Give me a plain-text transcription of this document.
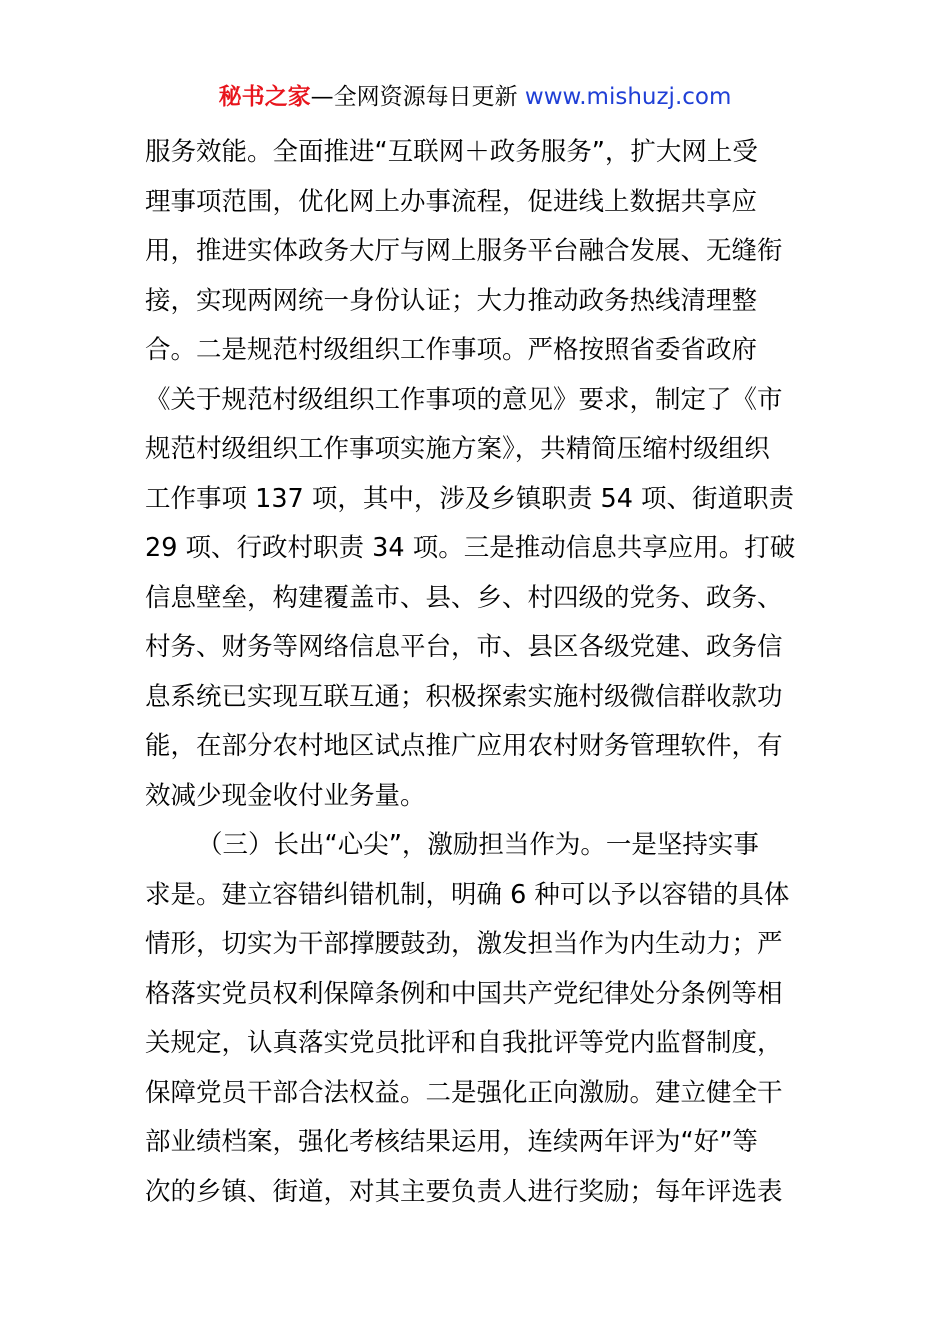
秘书之家—全网资源每日更新 www.mishuzj.com
服务效能。全面推进“互联网＋政务服务”，扩大网上受
理事项范围，优化网上办事流程，促进线上数据共享应
用，推进实体政务大厅与网上服务平台融合发展、无缝衔
接，实现两网统一身份认证；大力推动政务热线清理整
合。二是规范村级组织工作事项。严格按照省委省政府
《关于规范村级组织工作事项的意见》要求，制定了《市
规范村级组织工作事项实施方案》，共精简压缩村级组织
工作事项 137 项，其中，涉及乡镇职责 54 项、街道职责
29 项、行政村职责 34 项。三是推动信息共享应用。打破
信息壁垒，构建覆盖市、县、乡、村四级的党务、政务、
村务、财务等网络信息平台，市、县区各级党建、政务信
息系统已实现互联互通；积极探索实施村级微信群收款功
能，在部分农村地区试点推广应用农村财务管理软件，有
效减少现金收付业务量。
（三）长出“心尖”，激励担当作为。一是坚持实事
求是。建立容错纠错机制，明确 6 种可以予以容错的具体
情形，切实为干部撑腰鼓劲，激发担当作为内生动力；严
格落实党员权利保障条例和中国共产党纪律处分条例等相
关规定，认真落实党员批评和自我批评等党内监督制度，
保障党员干部合法权益。二是强化正向激励。建立健全干
部业绩档案，强化考核结果运用，连续两年评为“好”等
次的乡镇、街道，对其主要负责人进行奖励；每年评选表
